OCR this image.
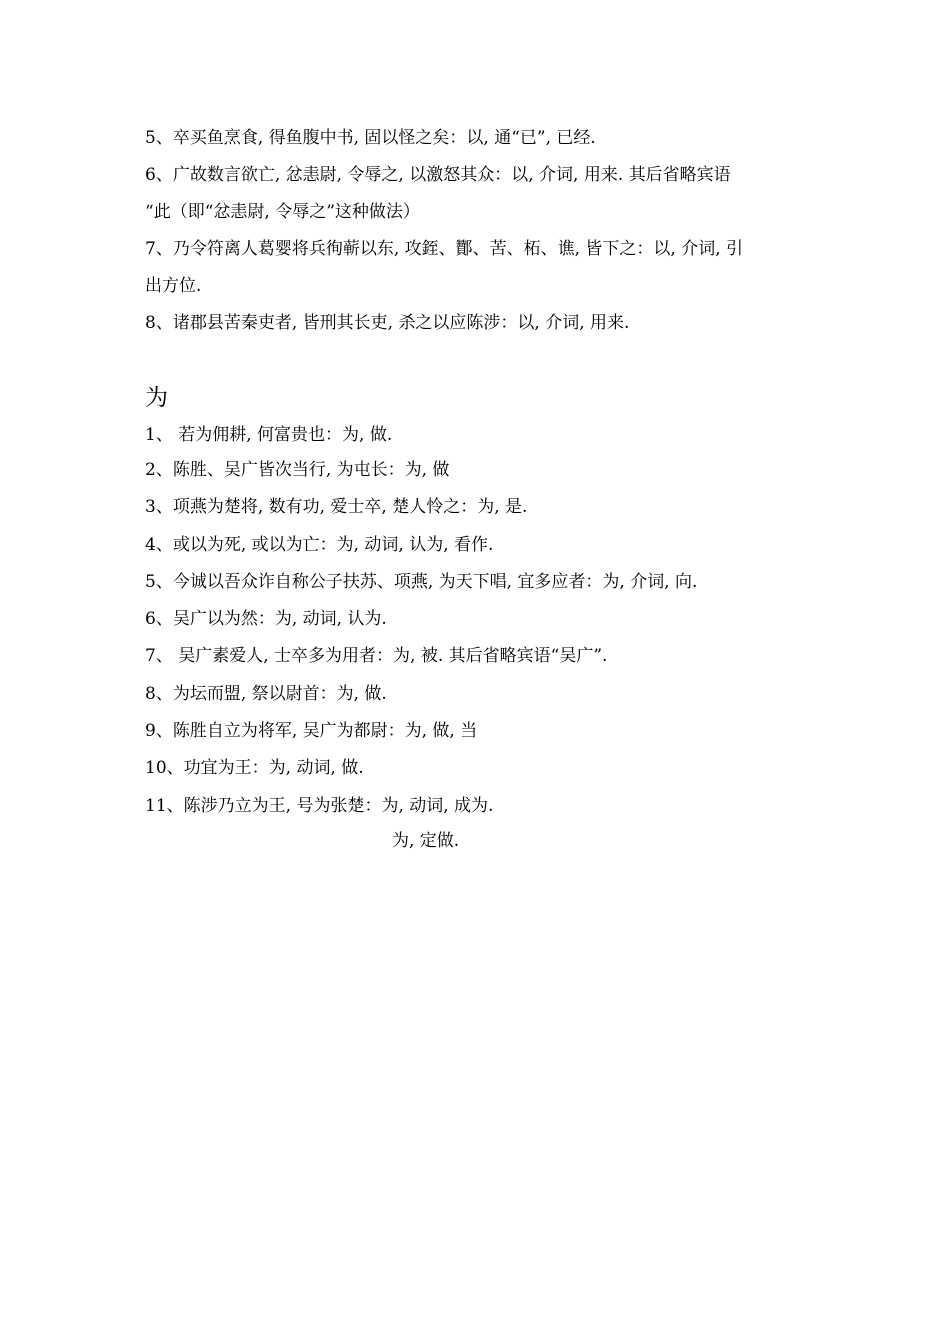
5、卒买鱼烹食, 得鱼腹中书, 固以怪之矣：以, 通“已”, 已经.
6、广故数言欲亡, 忿恚尉, 令辱之, 以激怒其众：以, 介词, 用来. 其后省略宾语
“此（即“忿恚尉, 令辱之”这种做法）
7、乃令符离人葛婴将兵徇蕲以东, 攻銍、酇、苦、柘、谯, 皆下之：以, 介词, 引
出方位.
8、诸郡县苦秦吏者, 皆刑其长吏, 杀之以应陈涉：以, 介词, 用来.
为
1、 若为佣耕, 何富贵也：为, 做.
2、陈胜、吴广皆次当行, 为屯长：为, 做
3、项燕为楚将, 数有功, 爱士卒, 楚人怜之：为, 是.
4、或以为死, 或以为亡：为, 动词, 认为, 看作.
5、今诚以吾众诈自称公子扶苏、项燕, 为天下唱, 宜多应者：为, 介词, 向.
6、吴广以为然：为, 动词, 认为.
7、 吴广素爱人, 士卒多为用者：为, 被. 其后省略宾语“吴广”.
8、为坛而盟, 祭以尉首：为, 做.
9、陈胜自立为将军, 吴广为都尉：为, 做, 当
10、功宜为王：为, 动词, 做.
11、陈涉乃立为王, 号为张楚：为, 动词, 成为.
为, 定做.
